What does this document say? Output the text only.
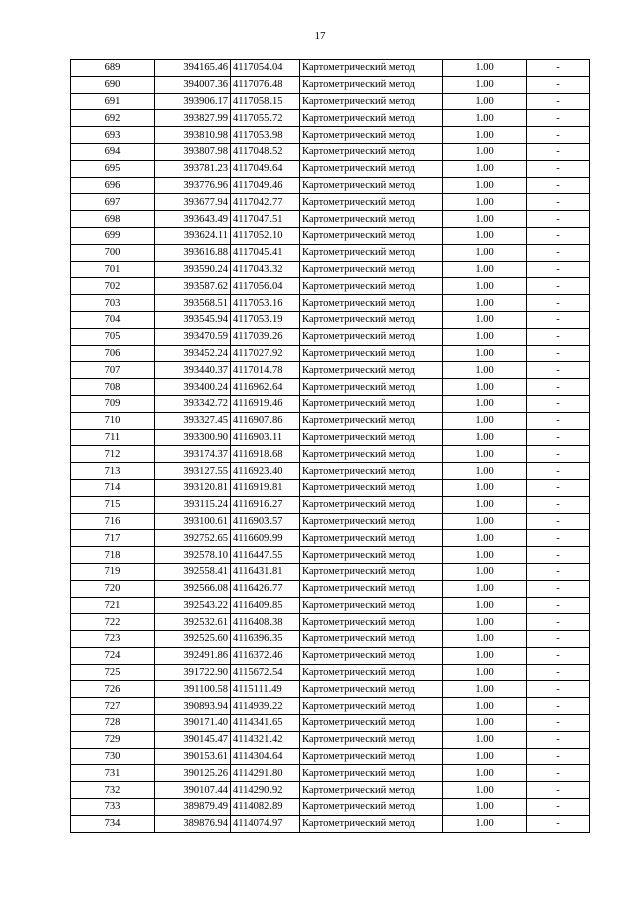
17
689	394165.46	4117054.04	Картометрический метод	1.00	-
690	394007.36	4117076.48	Картометрический метод	1.00	-
691	393906.17	4117058.15	Картометрический метод	1.00	-
692	393827.99	4117055.72	Картометрический метод	1.00	-
693	393810.98	4117053.98	Картометрический метод	1.00	-
694	393807.98	4117048.52	Картометрический метод	1.00	-
695	393781.23	4117049.64	Картометрический метод	1.00	-
696	393776.96	4117049.46	Картометрический метод	1.00	-
697	393677.94	4117042.77	Картометрический метод	1.00	-
698	393643.49	4117047.51	Картометрический метод	1.00	-
699	393624.11	4117052.10	Картометрический метод	1.00	-
700	393616.88	4117045.41	Картометрический метод	1.00	-
701	393590.24	4117043.32	Картометрический метод	1.00	-
702	393587.62	4117056.04	Картометрический метод	1.00	-
703	393568.51	4117053.16	Картометрический метод	1.00	-
704	393545.94	4117053.19	Картометрический метод	1.00	-
705	393470.59	4117039.26	Картометрический метод	1.00	-
706	393452.24	4117027.92	Картометрический метод	1.00	-
707	393440.37	4117014.78	Картометрический метод	1.00	-
708	393400.24	4116962.64	Картометрический метод	1.00	-
709	393342.72	4116919.46	Картометрический метод	1.00	-
710	393327.45	4116907.86	Картометрический метод	1.00	-
711	393300.90	4116903.11	Картометрический метод	1.00	-
712	393174.37	4116918.68	Картометрический метод	1.00	-
713	393127.55	4116923.40	Картометрический метод	1.00	-
714	393120.81	4116919.81	Картометрический метод	1.00	-
715	393115.24	4116916.27	Картометрический метод	1.00	-
716	393100.61	4116903.57	Картометрический метод	1.00	-
717	392752.65	4116609.99	Картометрический метод	1.00	-
718	392578.10	4116447.55	Картометрический метод	1.00	-
719	392558.41	4116431.81	Картометрический метод	1.00	-
720	392566.08	4116426.77	Картометрический метод	1.00	-
721	392543.22	4116409.85	Картометрический метод	1.00	-
722	392532.61	4116408.38	Картометрический метод	1.00	-
723	392525.60	4116396.35	Картометрический метод	1.00	-
724	392491.86	4116372.46	Картометрический метод	1.00	-
725	391722.90	4115672.54	Картометрический метод	1.00	-
726	391100.58	4115111.49	Картометрический метод	1.00	-
727	390893.94	4114939.22	Картометрический метод	1.00	-
728	390171.40	4114341.65	Картометрический метод	1.00	-
729	390145.47	4114321.42	Картометрический метод	1.00	-
730	390153.61	4114304.64	Картометрический метод	1.00	-
731	390125.26	4114291.80	Картометрический метод	1.00	-
732	390107.44	4114290.92	Картометрический метод	1.00	-
733	389879.49	4114082.89	Картометрический метод	1.00	-
734	389876.94	4114074.97	Картометрический метод	1.00	-
